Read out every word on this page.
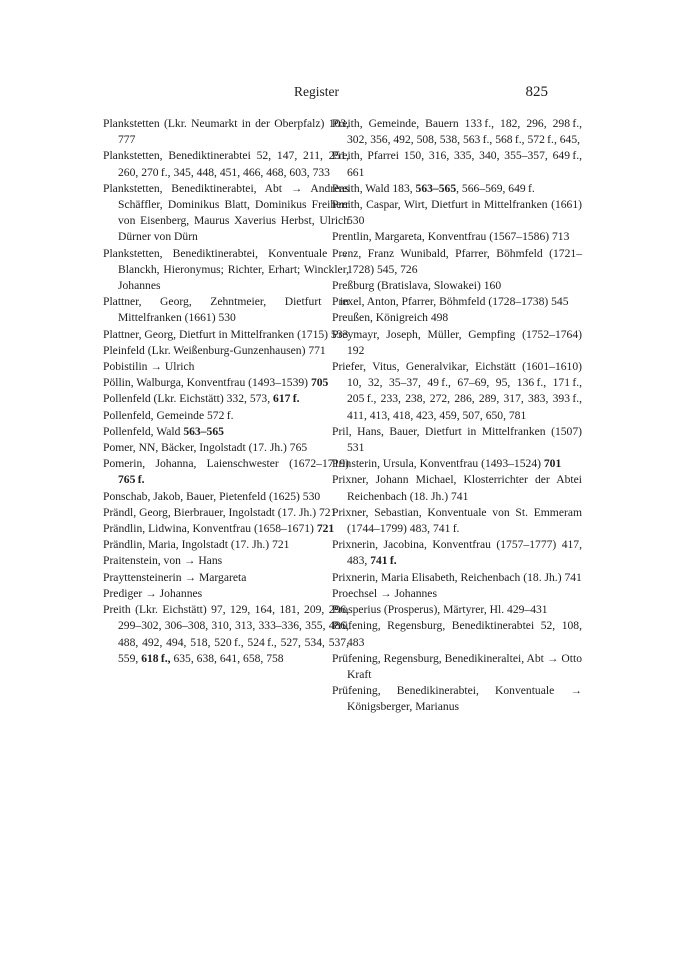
Register	825

Plankstetten (Lkr. Neumarkt in der Oberpfalz) 103, 777

Plankstetten, Benediktinerabtei 52, 147, 211, 251, 260, 270 f., 345, 448, 451, 466, 468, 603, 733

Plankstetten, Benediktinerabtei, Abt → Andreas Schäffler, Dominikus Blatt, Dominikus Freiherr von Eisenberg, Maurus Xaverius Herbst, Ulrich Dürner von Dürn

Plankstetten, Benediktinerabtei, Konventuale → Blanckh, Hieronymus; Richter, Erhart; Winckler, Johannes

Plattner, Georg, Zehntmeier, Dietfurt in Mittelfranken (1661) 530

Plattner, Georg, Dietfurt in Mittelfranken (1715) 533

Pleinfeld (Lkr. Weißenburg-Gunzenhausen) 771

Pobistilin → Ulrich

Pöllin, Walburga, Konventfrau (1493–1539) 705

Pollenfeld (Lkr. Eichstätt) 332, 573, 617 f.

Pollenfeld, Gemeinde 572 f.

Pollenfeld, Wald 563–565

Pomer, NN, Bäcker, Ingolstadt (17. Jh.) 765

Pomerin, Johanna, Laienschwester (1672–1719) 765 f.

Ponschab, Jakob, Bauer, Pietenfeld (1625) 530

Prändl, Georg, Bierbrauer, Ingolstadt (17. Jh.) 721

Prändlin, Lidwina, Konventfrau (1658–1671) 721

Prändlin, Maria, Ingolstadt (17. Jh.) 721

Praitenstein, von → Hans

Prayttensteinerin → Margareta

Prediger → Johannes

Preith (Lkr. Eichstätt) 97, 129, 164, 181, 209, 296, 299–302, 306–308, 310, 313, 333–336, 355, 486, 488, 492, 494, 518, 520 f., 524 f., 527, 534, 537, 559, 618 f., 635, 638, 641, 658, 758

Preith, Gemeinde, Bauern 133 f., 182, 296, 298 f., 302, 356, 492, 508, 538, 563 f., 568 f., 572 f., 645,

Preith, Pfarrei 150, 316, 335, 340, 355–357, 649 f., 661

Preith, Wald 183, 563–565, 566–569, 649 f.

Preith, Caspar, Wirt, Dietfurt in Mittelfranken (1661) 530

Prentlin, Margareta, Konventfrau (1567–1586) 713

Prenz, Franz Wunibald, Pfarrer, Böhmfeld (1721–1728) 545, 726

Preßburg (Bratislava, Slowakei) 160

Prexel, Anton, Pfarrer, Böhmfeld (1728–1738) 545

Preußen, Königreich 498

Preymayr, Joseph, Müller, Gempfing (1752–1764) 192

Priefer, Vitus, Generalvikar, Eichstätt (1601–1610) 10, 32, 35–37, 49 f., 67–69, 95, 136 f., 171 f., 205 f., 233, 238, 272, 286, 289, 317, 383, 393 f., 411, 413, 418, 423, 459, 507, 650, 781

Pril, Hans, Bauer, Dietfurt in Mittelfranken (1507) 531

Prinsterin, Ursula, Konventfrau (1493–1524) 701

Prixner, Johann Michael, Klosterrichter der Abtei Reichenbach (18. Jh.) 741

Prixner, Sebastian, Konventuale von St. Emmeram (1744–1799) 483, 741 f.

Prixnerin, Jacobina, Konventfrau (1757–1777) 417, 483, 741 f.

Prixnerin, Maria Elisabeth, Reichenbach (18. Jh.) 741

Proechsel → Johannes

Prosperius (Prosperus), Märtyrer, Hl. 429–431

Prüfening, Regensburg, Benediktinerabtei 52, 108, 483

Prüfening, Regensburg, Benedikineraltei, Abt → Otto Kraft

Prüfening, Benedikinerabtei, Konventuale → Königsberger, Marianus
